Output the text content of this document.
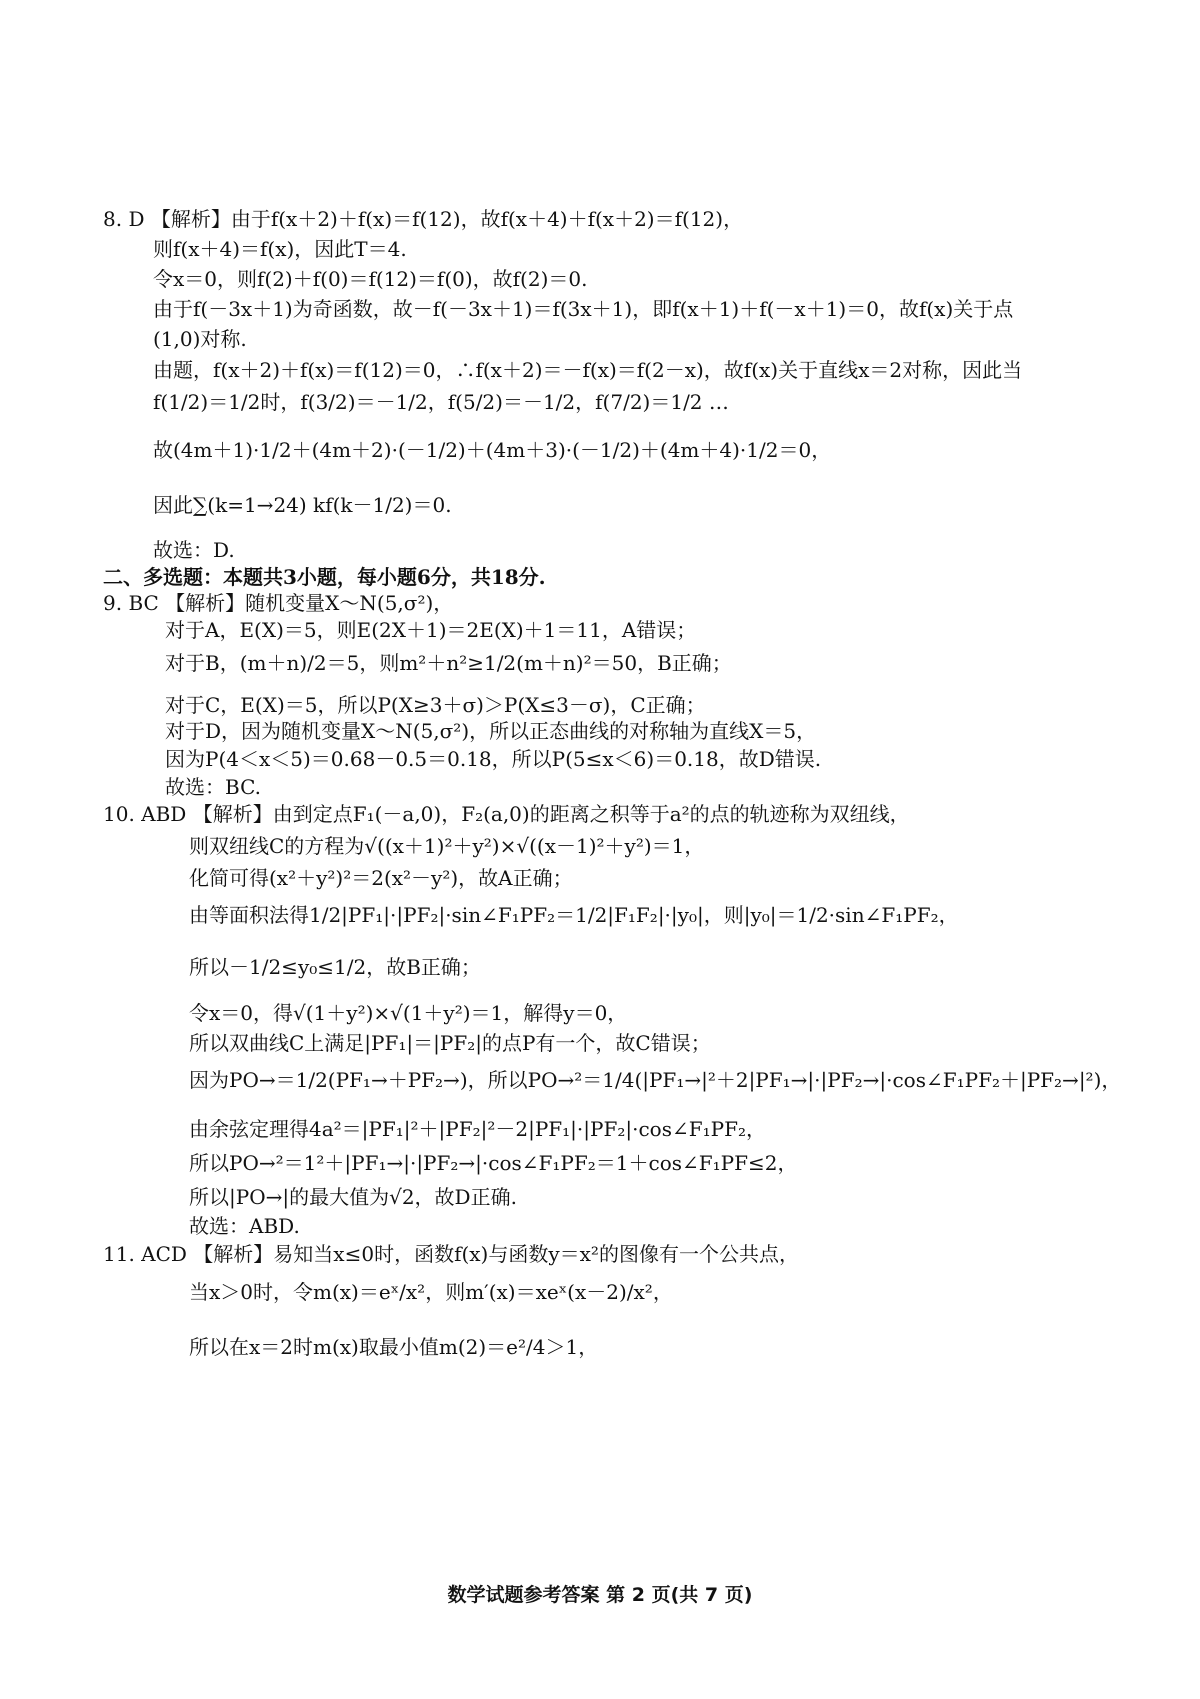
8. D 【解析】由于f(x＋2)＋f(x)＝f(12)，故f(x＋4)＋f(x＋2)＝f(12)，
则f(x＋4)＝f(x)，因此T＝4.
令x＝0，则f(2)＋f(0)＝f(12)＝f(0)，故f(2)＝0.
由于f(－3x＋1)为奇函数，故－f(－3x＋1)＝f(3x＋1)，即f(x＋1)＋f(－x＋1)＝0，故f(x)关于点
(1,0)对称.
由题，f(x＋2)＋f(x)＝f(12)＝0，∴f(x＋2)＝－f(x)＝f(2－x)，故f(x)关于直线x＝2对称，因此当
f(1/2)＝1/2时，f(3/2)＝－1/2，f(5/2)＝－1/2，f(7/2)＝1/2 …
故(4m＋1)·1/2＋(4m＋2)·(－1/2)＋(4m＋3)·(－1/2)＋(4m＋4)·1/2＝0，
因此∑(k=1→24) kf(k－1/2)＝0.
故选：D.
二、多选题：本题共3小题，每小题6分，共18分.
9. BC 【解析】随机变量X～N(5,σ²)，
对于A，E(X)＝5，则E(2X＋1)＝2E(X)＋1＝11，A错误；
对于B，(m＋n)/2＝5，则m²＋n²≥1/2(m＋n)²＝50，B正确；
对于C，E(X)＝5，所以P(X≥3＋σ)＞P(X≤3－σ)，C正确；
对于D，因为随机变量X～N(5,σ²)，所以正态曲线的对称轴为直线X＝5，
因为P(4＜x＜5)＝0.68－0.5＝0.18，所以P(5≤x＜6)＝0.18，故D错误.
故选：BC.
10. ABD 【解析】由到定点F₁(－a,0)，F₂(a,0)的距离之积等于a²的点的轨迹称为双纽线，
则双纽线C的方程为√((x＋1)²＋y²)×√((x－1)²＋y²)＝1，
化简可得(x²＋y²)²＝2(x²－y²)，故A正确；
由等面积法得1/2|PF₁|·|PF₂|·sin∠F₁PF₂＝1/2|F₁F₂|·|y₀|，则|y₀|＝1/2·sin∠F₁PF₂，
所以－1/2≤y₀≤1/2，故B正确；
令x＝0，得√(1＋y²)×√(1＋y²)＝1，解得y＝0，
所以双曲线C上满足|PF₁|＝|PF₂|的点P有一个，故C错误；
因为PO→＝1/2(PF₁→＋PF₂→)，所以PO→²＝1/4(|PF₁→|²＋2|PF₁→|·|PF₂→|·cos∠F₁PF₂＋|PF₂→|²)，
由余弦定理得4a²＝|PF₁|²＋|PF₂|²－2|PF₁|·|PF₂|·cos∠F₁PF₂，
所以PO→²＝1²＋|PF₁→|·|PF₂→|·cos∠F₁PF₂＝1＋cos∠F₁PF≤2，
所以|PO→|的最大值为√2，故D正确.
故选：ABD.
11. ACD 【解析】易知当x≤0时，函数f(x)与函数y＝x²的图像有一个公共点，
当x＞0时，令m(x)＝eˣ/x²，则m′(x)＝xeˣ(x－2)/x²，
所以在x＝2时m(x)取最小值m(2)＝e²/4＞1，
数学试题参考答案 第 2 页(共 7 页)
